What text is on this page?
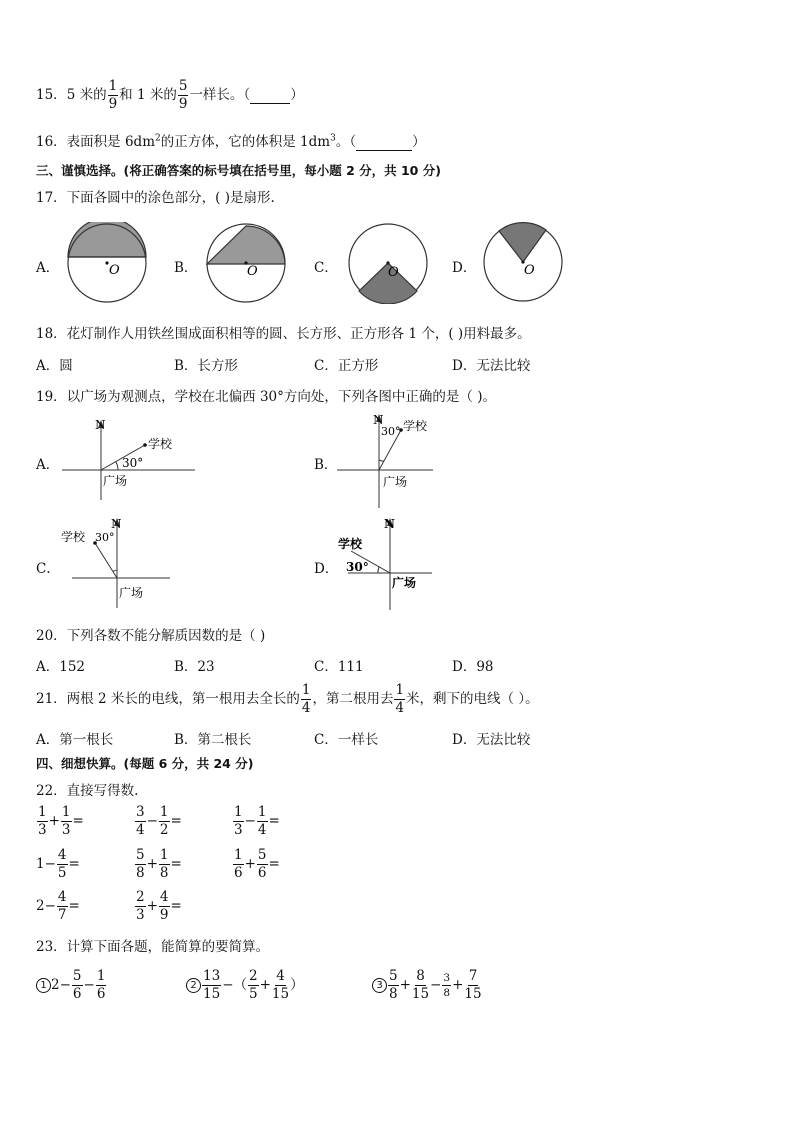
15．5 米的 $\frac{1}{9}$ 和 1 米的 $\frac{5}{9}$ 一样长。（	）
16．表面积是 $6dm^2$的正方体，它的体积是 $1dm^3$。（	）
三、谨慎选择。(将正确答案的标号填在括号里，每小题 2 分，共 10 分)
17．下面各圆中的涂色部分，( )是扇形.
A．	O	B．	O	C．	O	D．	O
18．花灯制作人用铁丝围成面积相等的圆、长方形、正方形各 1 个，( )用料最多。
A．圆	B．长方形	C．正方形	D．无法比较
19．以广场为观测点，学校在北偏西 30°方向处，下列各图中正确的是（ )。
A．
N
学校
30°
广场
B．
N 学校
30°
广场
C．
N
学校 30°
广场
D．
N
学校
30°
广场
20．下列各数不能分解质因数的是（ )
A．152	B．23	C．111	D．98
21．两根 2 米长的电线，第一根用去全长的 $\frac{1}{4}$ ，第二根用去 $\frac{1}{4}$ 米，剩下的电线（ ）。
A．第一根长	B．第二根长	C．一样长	D．无法比较
四、细想快算。(每题 6 分，共 24 分)
22．直接写得数.
$\frac{1}{3} + \frac{1}{3}$ =	$\frac{3}{4} - \frac{1}{2}$ =	$\frac{1}{3} - \frac{1}{4}$ =
$1- \frac{4}{5}$ =	$\frac{5}{8} + \frac{1}{8}$ =	$\frac{1}{6} + \frac{5}{6}$ =
$2- \frac{4}{7}$ =	$\frac{2}{3} + \frac{4}{9}$ =
23．计算下面各题，能简算的要简算。
1 $2- \frac{5}{6} - \frac{1}{6}$	$2 \frac{13}{15}$ −（ $\frac{2}{5} + \frac{4}{15}$ ）	$3 \frac{5}{8} + \frac{8}{15} - \frac{3}{8} + \frac{7}{15}$
